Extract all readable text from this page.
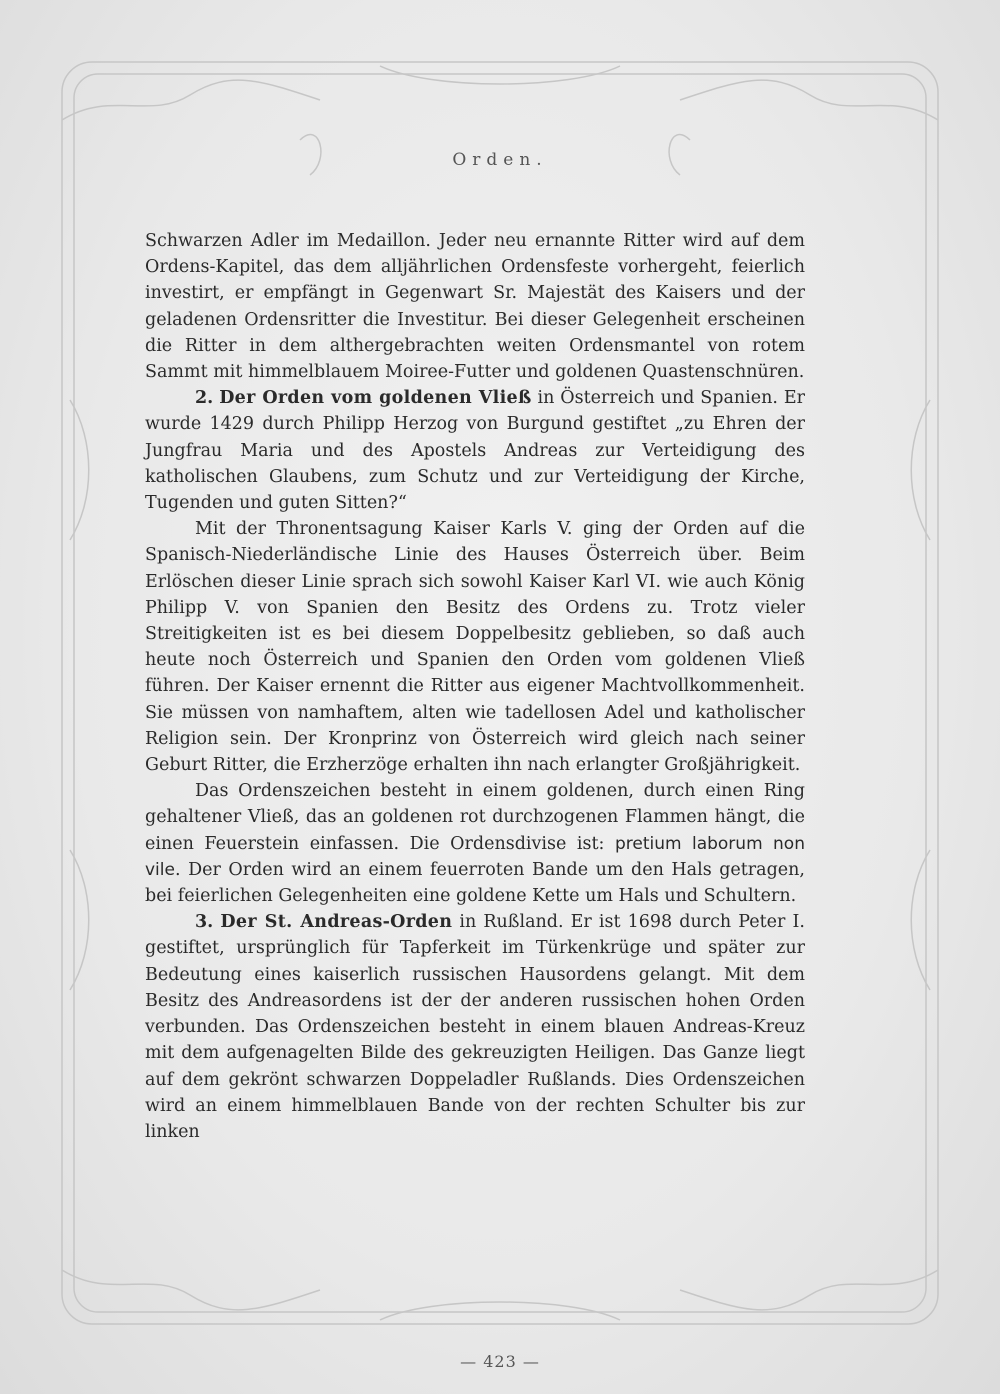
Orden.

Schwarzen Adler im Medaillon. Jeder neu ernannte Ritter wird auf dem Ordens-Kapitel, das dem alljährlichen Ordensfeste vorhergeht, feierlich investirt, er empfängt in Gegenwart Sr. Majestät des Kaisers und der geladenen Ordensritter die Investitur. Bei dieser Gelegenheit erscheinen die Ritter in dem althergebrachten weiten Ordensmantel von rotem Sammt mit himmelblauem Moiree-Futter und goldenen Quastenschnüren.

2. Der Orden vom goldenen Vließ in Österreich und Spanien. Er wurde 1429 durch Philipp Herzog von Burgund gestiftet „zu Ehren der Jungfrau Maria und des Apostels Andreas zur Verteidigung des katholischen Glaubens, zum Schutz und zur Verteidigung der Kirche, Tugenden und guten Sitten?“

Mit der Thronentsagung Kaiser Karls V. ging der Orden auf die Spanisch-Niederländische Linie des Hauses Österreich über. Beim Erlöschen dieser Linie sprach sich sowohl Kaiser Karl VI. wie auch König Philipp V. von Spanien den Besitz des Ordens zu. Trotz vieler Streitigkeiten ist es bei diesem Doppelbesitz geblieben, so daß auch heute noch Österreich und Spanien den Orden vom goldenen Vließ führen. Der Kaiser ernennt die Ritter aus eigener Machtvollkommenheit. Sie müssen von namhaftem, alten wie tadellosen Adel und katholischer Religion sein. Der Kronprinz von Österreich wird gleich nach seiner Geburt Ritter, die Erzherzöge erhalten ihn nach erlangter Großjährigkeit.

Das Ordenszeichen besteht in einem goldenen, durch einen Ring gehaltener Vließ, das an goldenen rot durchzogenen Flammen hängt, die einen Feuerstein einfassen. Die Ordensdivise ist: pretium laborum non vile. Der Orden wird an einem feuerroten Bande um den Hals getragen, bei feierlichen Gelegenheiten eine goldene Kette um Hals und Schultern.

3. Der St. Andreas-Orden in Rußland. Er ist 1698 durch Peter I. gestiftet, ursprünglich für Tapferkeit im Türkenkrüge und später zur Bedeutung eines kaiserlich russischen Hausordens gelangt. Mit dem Besitz des Andreasordens ist der der anderen russischen hohen Orden verbunden. Das Ordenszeichen besteht in einem blauen Andreas-Kreuz mit dem aufgenagelten Bilde des gekreuzigten Heiligen. Das Ganze liegt auf dem gekrönt schwarzen Doppeladler Rußlands. Dies Ordenszeichen wird an einem himmelblauen Bande von der rechten Schulter bis zur linken

— 423 —
